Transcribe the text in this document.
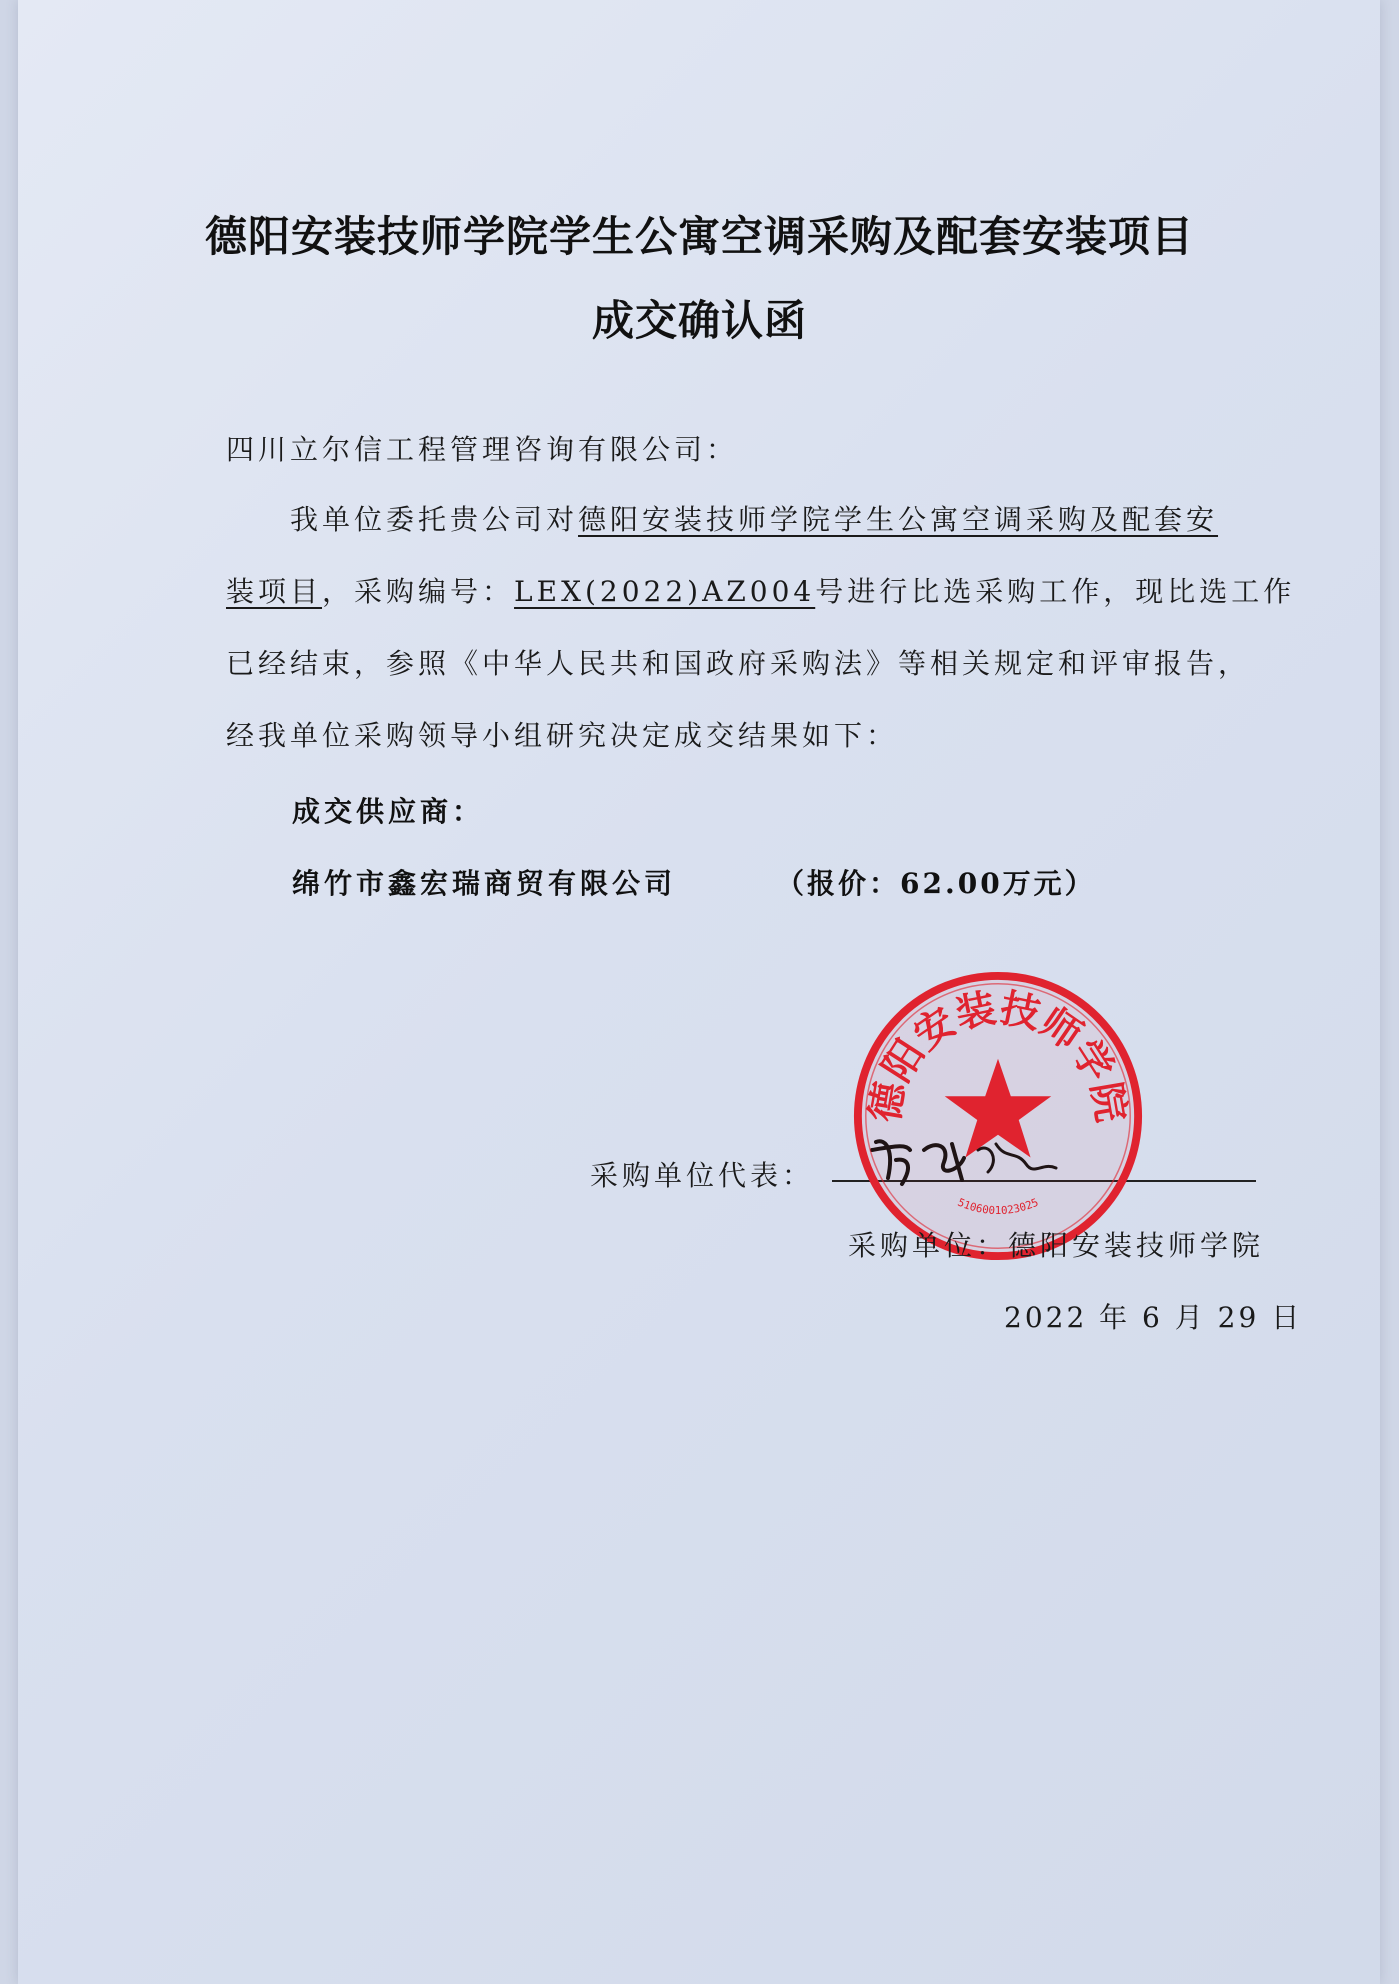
德阳安装技师学院学生公寓空调采购及配套安装项目
成交确认函
四川立尔信工程管理咨询有限公司：
我单位委托贵公司对德阳安装技师学院学生公寓空调采购及配套安
装项目，采购编号：LEX(2022)AZ004号进行比选采购工作，现比选工作
已经结束，参照《中华人民共和国政府采购法》等相关规定和评审报告，
经我单位采购领导小组研究决定成交结果如下：
成交供应商：
绵竹市鑫宏瑞商贸有限公司	（报价：62.00万元）
采购单位代表：
德阳安装技师学院
5106001023025
采购单位：德阳安装技师学院
2022 年 6 月 29 日
